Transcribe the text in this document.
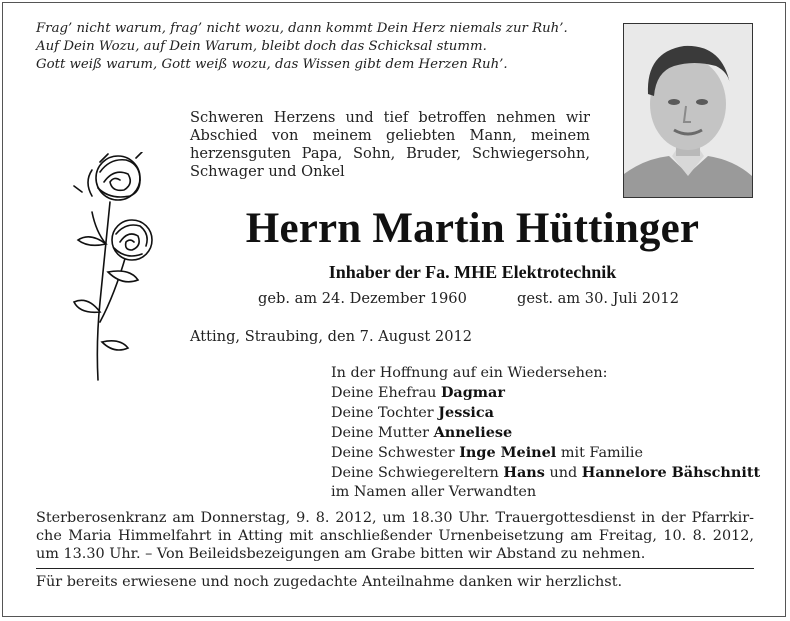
Frag’ nicht warum, frag’ nicht wozu, dann kommt Dein Herz niemals zur Ruh’.
Auf Dein Wozu, auf Dein Warum, bleibt doch das Schicksal stumm.
Gott weiß warum, Gott weiß wozu, das Wissen gibt dem Herzen Ruh’.
Schweren Herzens und tief betroffen nehmen wir
Abschied von meinem geliebten Mann, meinem
herzensguten Papa, Sohn, Bruder, Schwiegersohn,
Schwager und Onkel
Herrn Martin Hüttinger
Inhaber der Fa. MHE Elektrotechnik
geb. am 24. Dezember 1960	gest. am 30. Juli 2012
Atting, Straubing, den 7. August 2012
In der Hoffnung auf ein Wiedersehen:
Deine Ehefrau Dagmar
Deine Tochter Jessica
Deine Mutter Anneliese
Deine Schwester Inge Meinel mit Familie
Deine Schwiegereltern Hans und Hannelore Bähschnitt
im Namen aller Verwandten
Sterberosenkranz am Donnerstag, 9. 8. 2012, um 18.30 Uhr. Trauergottesdienst in der Pfarrkir-
che Maria Himmelfahrt in Atting mit anschließender Urnenbeisetzung am Freitag, 10. 8. 2012,
um 13.30 Uhr. – Von Beileidsbezeigungen am Grabe bitten wir Abstand zu nehmen.
Für bereits erwiesene und noch zugedachte Anteilnahme danken wir herzlichst.
